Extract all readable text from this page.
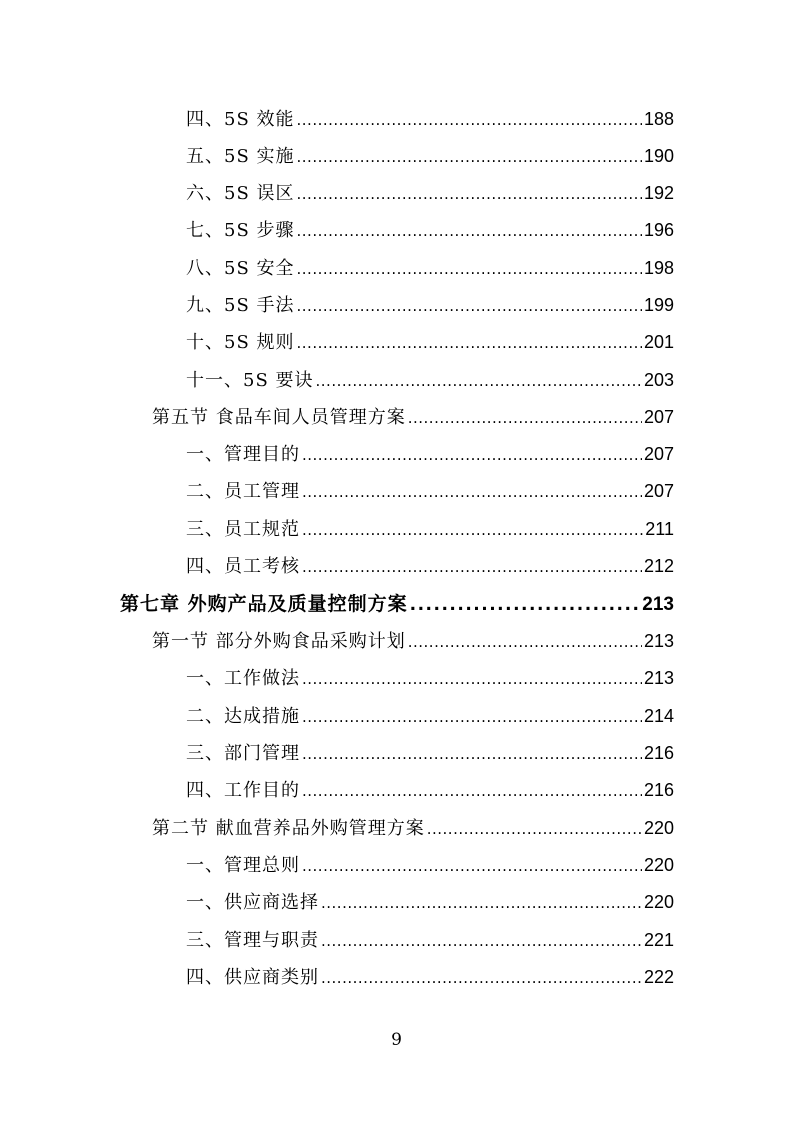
四、5S 效能 .....	188
五、5S 实施 .....	190
六、5S 误区 .....	192
七、5S 步骤 .....	196
八、5S 安全 .....	198
九、5S 手法 .....	199
十、5S 规则 .....	201
十一、5S 要诀 .....	203
第五节 食品车间人员管理方案 .....	207
一、管理目的 .....	207
二、员工管理 .....	207
三、员工规范 .....	211
四、员工考核 .....	212
第七章 外购产品及质量控制方案 .....	213
第一节 部分外购食品采购计划 .....	213
一、工作做法 .....	213
二、达成措施 .....	214
三、部门管理 .....	216
四、工作目的 .....	216
第二节 献血营养品外购管理方案 .....	220
一、管理总则 .....	220
一、供应商选择 .....	220
三、管理与职责 .....	221
四、供应商类别 .....	222
9
